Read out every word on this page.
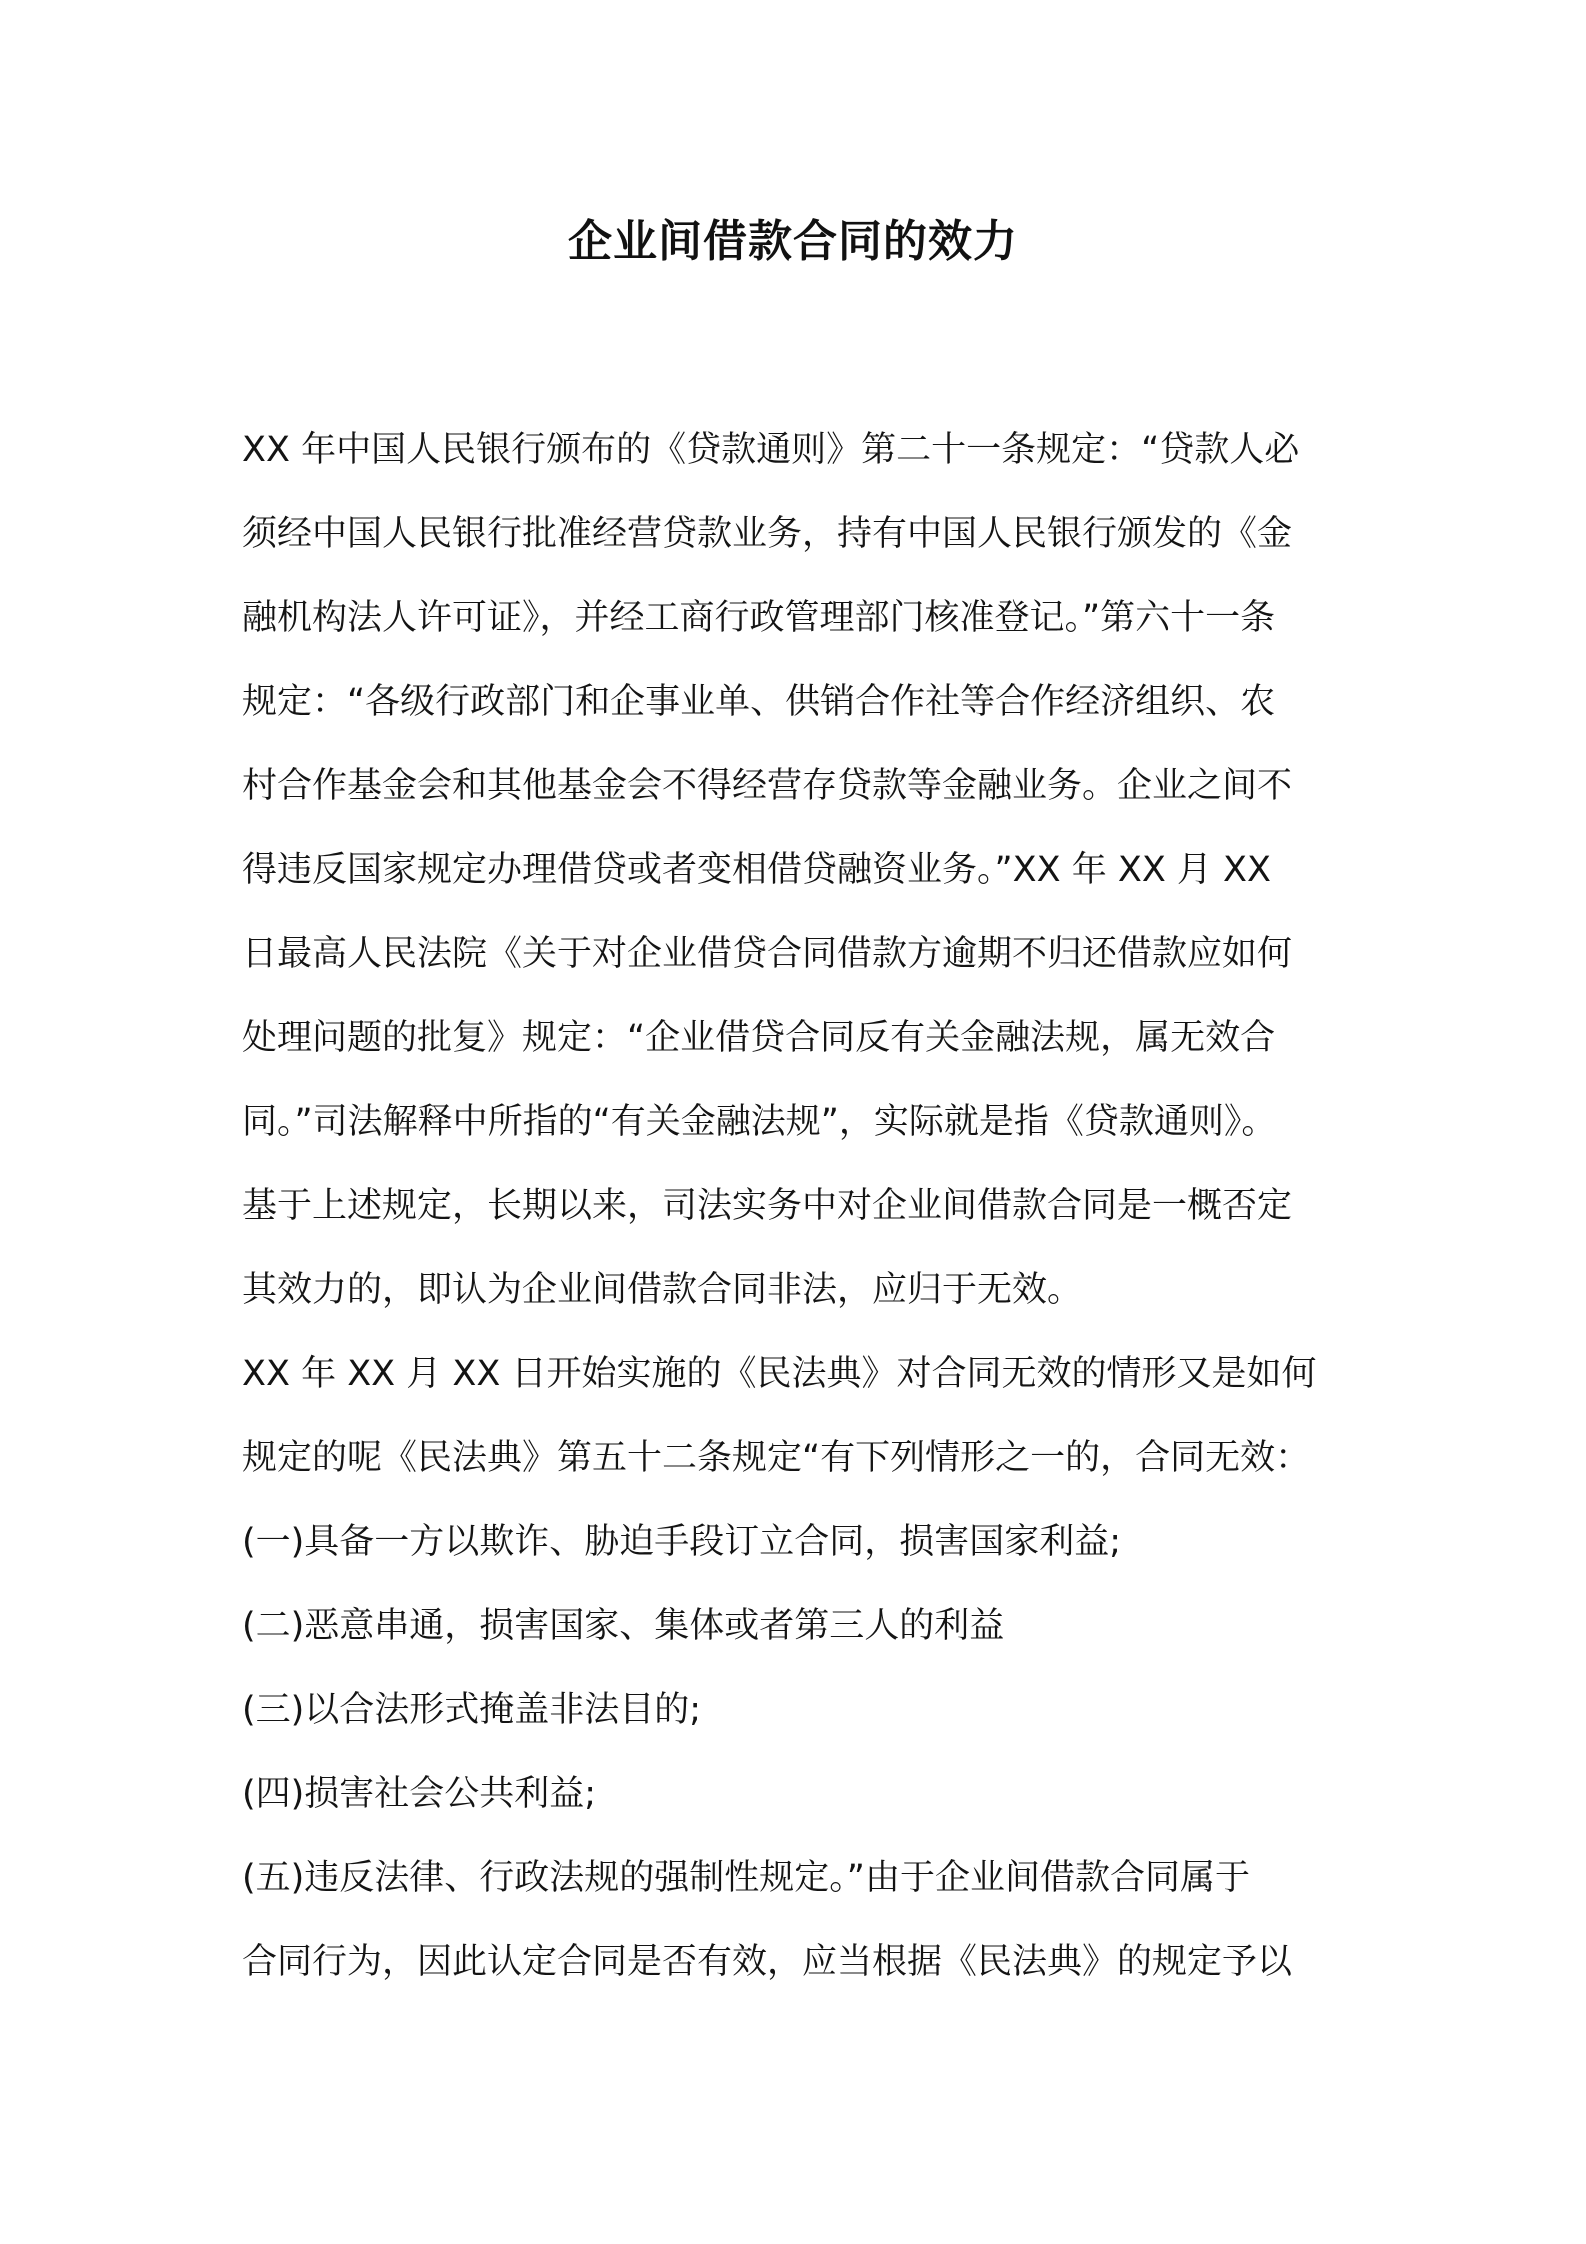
企业间借款合同的效力
XX 年中国人民银行颁布的《贷款通则》第二十一条规定：“贷款人必
须经中国人民银行批准经营贷款业务，持有中国人民银行颁发的《金
融机构法人许可证》，并经工商行政管理部门核准登记。”第六十一条
规定：“各级行政部门和企事业单、供销合作社等合作经济组织、农
村合作基金会和其他基金会不得经营存贷款等金融业务。企业之间不
得违反国家规定办理借贷或者变相借贷融资业务。”XX 年 XX 月 XX
日最高人民法院《关于对企业借贷合同借款方逾期不归还借款应如何
处理问题的批复》规定：“企业借贷合同反有关金融法规，属无效合
同。”司法解释中所指的“有关金融法规”，实际就是指《贷款通则》。
基于上述规定，长期以来，司法实务中对企业间借款合同是一概否定
其效力的，即认为企业间借款合同非法，应归于无效。
XX 年 XX 月 XX 日开始实施的《民法典》对合同无效的情形又是如何
规定的呢《民法典》第五十二条规定“有下列情形之一的，合同无效：
(一)具备一方以欺诈、胁迫手段订立合同，损害国家利益;
(二)恶意串通，损害国家、集体或者第三人的利益
(三)以合法形式掩盖非法目的;
(四)损害社会公共利益;
(五)违反法律、行政法规的强制性规定。”由于企业间借款合同属于
合同行为，因此认定合同是否有效，应当根据《民法典》的规定予以
